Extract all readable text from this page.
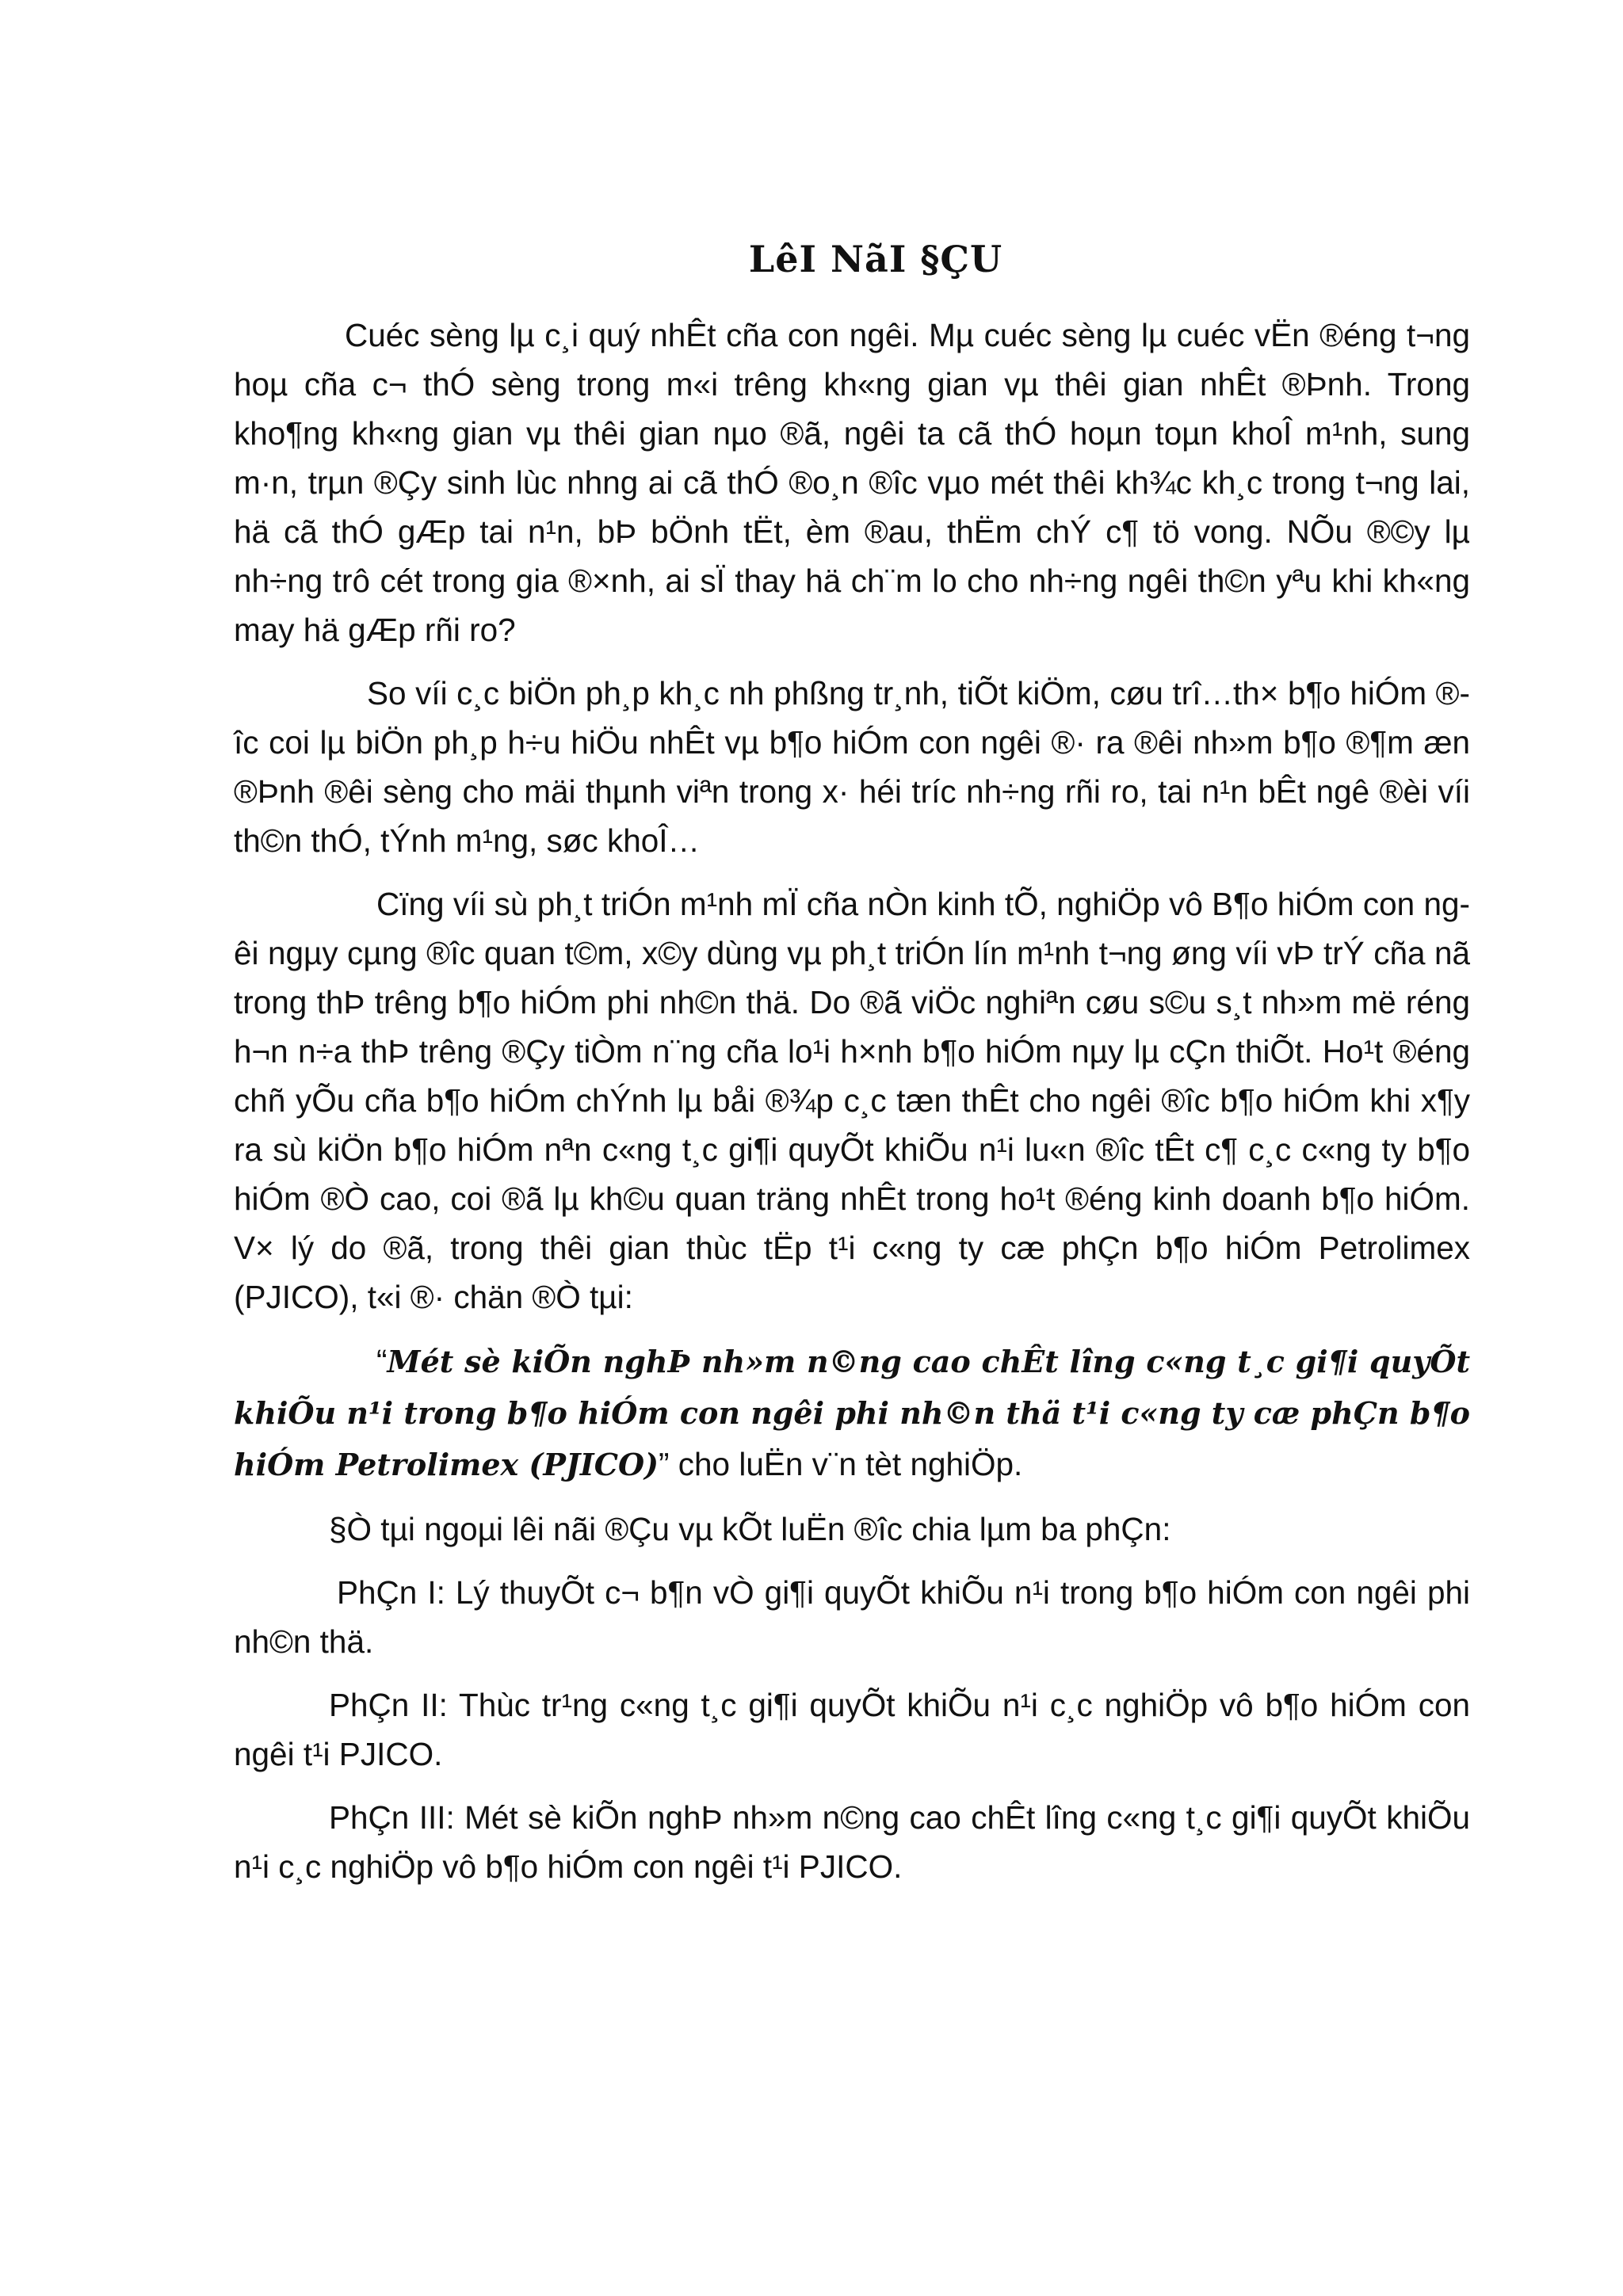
LêI NãI §ÇU

Cuéc sèng lµ c¸i quý nhÊt cña con ngêi. Mµ cuéc sèng lµ cuéc vËn ®éng t¬ng hoµ cña c¬ thÓ sèng trong m«i trêng kh«ng gian vµ thêi gian nhÊt ®Þnh. Trong kho¶ng kh«ng gian vµ thêi gian nµo ®ã, ngêi ta cã thÓ hoµn toµn khoÎ m¹nh, sung m·n, trµn ®Çy sinh lùc nhng ai cã thÓ ®o¸n ®îc vµo mét thêi kh¾c kh¸c trong t¬ng lai, hä cã thÓ gÆp tai n¹n, bÞ bÖnh tËt, èm ®au, thËm chÝ c¶ tö vong. NÕu ®©y lµ nh÷ng trô cét trong gia ®×nh, ai sÏ thay hä ch¨m lo cho nh÷ng ngêi th©n yªu khi kh«ng may hä gÆp rñi ro?

So víi c¸c biÖn ph¸p kh¸c nh phßng tr¸nh, tiÕt kiÖm, cøu trî…th× b¶o hiÓm ®îc coi lµ biÖn ph¸p h÷u hiÖu nhÊt vµ b¶o hiÓm con ngêi ®· ra ®êi nh»m b¶o ®¶m æn ®Þnh ®êi sèng cho mäi thµnh viªn trong x· héi tríc nh÷ng rñi ro, tai n¹n bÊt ngê ®èi víi th©n thÓ, tÝnh m¹ng, søc khoÎ…

Cïng víi sù ph¸t triÓn m¹nh mÏ cña nÒn kinh tÕ, nghiÖp vô B¶o hiÓm con ngêi ngµy cµng ®îc quan t©m, x©y dùng vµ ph¸t triÓn lín m¹nh t¬ng øng víi vÞ trÝ cña nã trong thÞ trêng b¶o hiÓm phi nh©n thä. Do ®ã viÖc nghiªn cøu s©u s¸t nh»m më réng h¬n n÷a thÞ trêng ®Çy tiÒm n¨ng cña lo¹i h×nh b¶o hiÓm nµy lµ cÇn thiÕt. Ho¹t ®éng chñ yÕu cña b¶o hiÓm chÝnh lµ båi ®¾p c¸c tæn thÊt cho ngêi ®îc b¶o hiÓm khi x¶y ra sù kiÖn b¶o hiÓm nªn c«ng t¸c gi¶i quyÕt khiÕu n¹i lu«n ®îc tÊt c¶ c¸c c«ng ty b¶o hiÓm ®Ò cao, coi ®ã lµ kh©u quan träng nhÊt trong ho¹t ®éng kinh doanh b¶o hiÓm. V× lý do ®ã, trong thêi gian thùc tËp t¹i c«ng ty cæ phÇn b¶o hiÓm Petrolimex (PJICO), t«i ®· chän ®Ò tµi:

“Mét sè kiÕn nghÞ nh»m n©ng cao chÊt lîng c«ng t¸c gi¶i quyÕt khiÕu n¹i trong b¶o hiÓm con ngêi phi nh©n thä t¹i c«ng ty cæ phÇn b¶o hiÓm Petrolimex (PJICO)” cho luËn v¨n tèt nghiÖp.

§Ò tµi ngoµi lêi nãi ®Çu vµ kÕt luËn ®îc chia lµm ba phÇn:

PhÇn I: Lý thuyÕt c¬ b¶n vÒ gi¶i quyÕt khiÕu n¹i trong b¶o hiÓm con ngêi phi nh©n thä.

PhÇn II: Thùc tr¹ng c«ng t¸c gi¶i quyÕt khiÕu n¹i c¸c nghiÖp vô b¶o hiÓm con ngêi t¹i PJICO.

PhÇn III: Mét sè kiÕn nghÞ nh»m n©ng cao chÊt lîng c«ng t¸c gi¶i quyÕt khiÕu n¹i c¸c nghiÖp vô b¶o hiÓm con ngêi t¹i PJICO.
